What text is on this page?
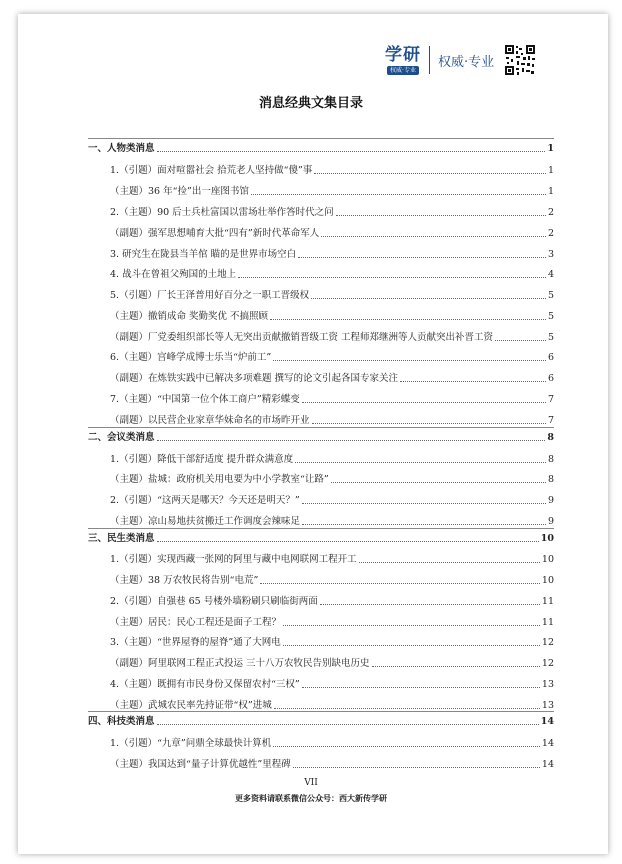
学研
权威·专业
权威·专业
消息经典文集目录
一、人物类消息	1
1.（引题）面对喧嚣社会 拾荒老人坚持做“傻”事	1
（主题）36 年“捡”出一座图书馆	1
2.（主题）90 后士兵杜富国以雷场壮举作答时代之问	2
（副题）强军思想哺育大批“四有”新时代革命军人	2
3. 研究生在陇县当羊倌 瞄的是世界市场空白	3
4. 战斗在曾祖父殉国的土地上	4
5.（引题）厂长王泽普用好百分之一职工晋级权	5
（主题）撤销成命 奖勤奖优 不搞照顾	5
（副题）厂党委组织部长等人无突出贡献撤销晋级工资 工程师郑继洲等人贡献突出补晋工资	5
6.（主题）宫峰学成博士乐当“炉前工”	6
（副题）在炼铁实践中已解决多项难题 撰写的论文引起各国专家关注	6
7.（主题）“中国第一位个体工商户”精彩蝶变	7
（副题）以民营企业家章华妹命名的市场昨开业	7
二、会议类消息	8
1.（引题）降低干部舒适度 提升群众满意度	8
（主题）盐城：政府机关用电要为中小学教室“让路”	8
2.（引题）“这两天是哪天？今天还是明天？”	9
（主题）凉山易地扶贫搬迁工作调度会辣味足	9
三、民生类消息	10
1.（引题）实现西藏一张网的阿里与藏中电网联网工程开工	10
（主题）38 万农牧民将告别“电荒”	10
2.（引题）自强巷 65 号楼外墙粉刷只刷临街两面	11
（主题）居民：民心工程还是面子工程？	11
3.（主题）“世界屋脊的屋脊”通了大网电	12
（副题）阿里联网工程正式投运 三十八万农牧民告别缺电历史	12
4.（主题）既拥有市民身份又保留农村“三权”	13
（主题）武城农民率先持证带“权”进城	13
四、科技类消息	14
1.（引题）“九章”问鼎全球最快计算机	14
（主题）我国达到“量子计算优越性”里程碑	14
VII
更多资料请联系微信公众号：西大新传学研
